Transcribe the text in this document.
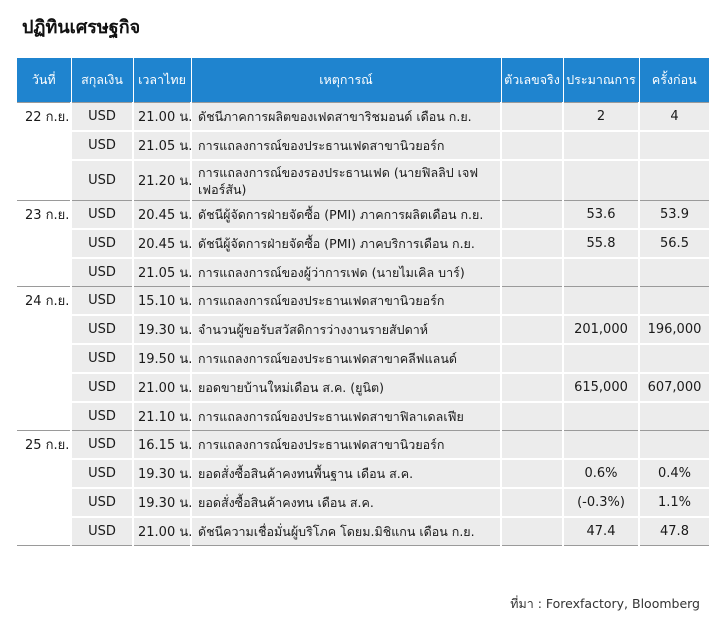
ปฏิทินเศรษฐกิจ
วันที่	สกุลเงิน	เวลาไทย	เหตุการณ์	ตัวเลขจริง	ประมาณการ	ครั้งก่อน
22 ก.ย.	USD	21.00 น.	ดัชนีภาคการผลิตของเฟดสาขาริชมอนด์ เดือน ก.ย.		2	4
	USD	21.05 น.	การแถลงการณ์ของประธานเฟดสาขานิวยอร์ก			
	USD	21.20 น.	การแถลงการณ์ของรองประธานเฟด (นายฟิลลิป เจฟเฟอร์สัน)			
23 ก.ย.	USD	20.45 น.	ดัชนีผู้จัดการฝ่ายจัดซื้อ (PMI) ภาคการผลิตเดือน ก.ย.		53.6	53.9
	USD	20.45 น.	ดัชนีผู้จัดการฝ่ายจัดซื้อ (PMI) ภาคบริการเดือน ก.ย.		55.8	56.5
	USD	21.05 น.	การแถลงการณ์ของผู้ว่าการเฟด (นายไมเคิล บาร์)			
24 ก.ย.	USD	15.10 น.	การแถลงการณ์ของประธานเฟดสาขานิวยอร์ก			
	USD	19.30 น.	จำนวนผู้ขอรับสวัสดิการว่างงานรายสัปดาห์		201,000	196,000
	USD	19.50 น.	การแถลงการณ์ของประธานเฟดสาขาคลีฟแลนด์			
	USD	21.00 น.	ยอดขายบ้านใหม่เดือน ส.ค. (ยูนิต)		615,000	607,000
	USD	21.10 น.	การแถลงการณ์ของประธานเฟดสาขาฟิลาเดลเฟีย			
25 ก.ย.	USD	16.15 น.	การแถลงการณ์ของประธานเฟดสาขานิวยอร์ก			
	USD	19.30 น.	ยอดสั่งซื้อสินค้าคงทนพื้นฐาน เดือน ส.ค.		0.6%	0.4%
	USD	19.30 น.	ยอดสั่งซื้อสินค้าคงทน เดือน ส.ค.		(-0.3%)	1.1%
	USD	21.00 น.	ดัชนีความเชื่อมั่นผู้บริโภค โดยม.มิชิแกน เดือน ก.ย.		47.4	47.8
ที่มา : Forexfactory, Bloomberg
